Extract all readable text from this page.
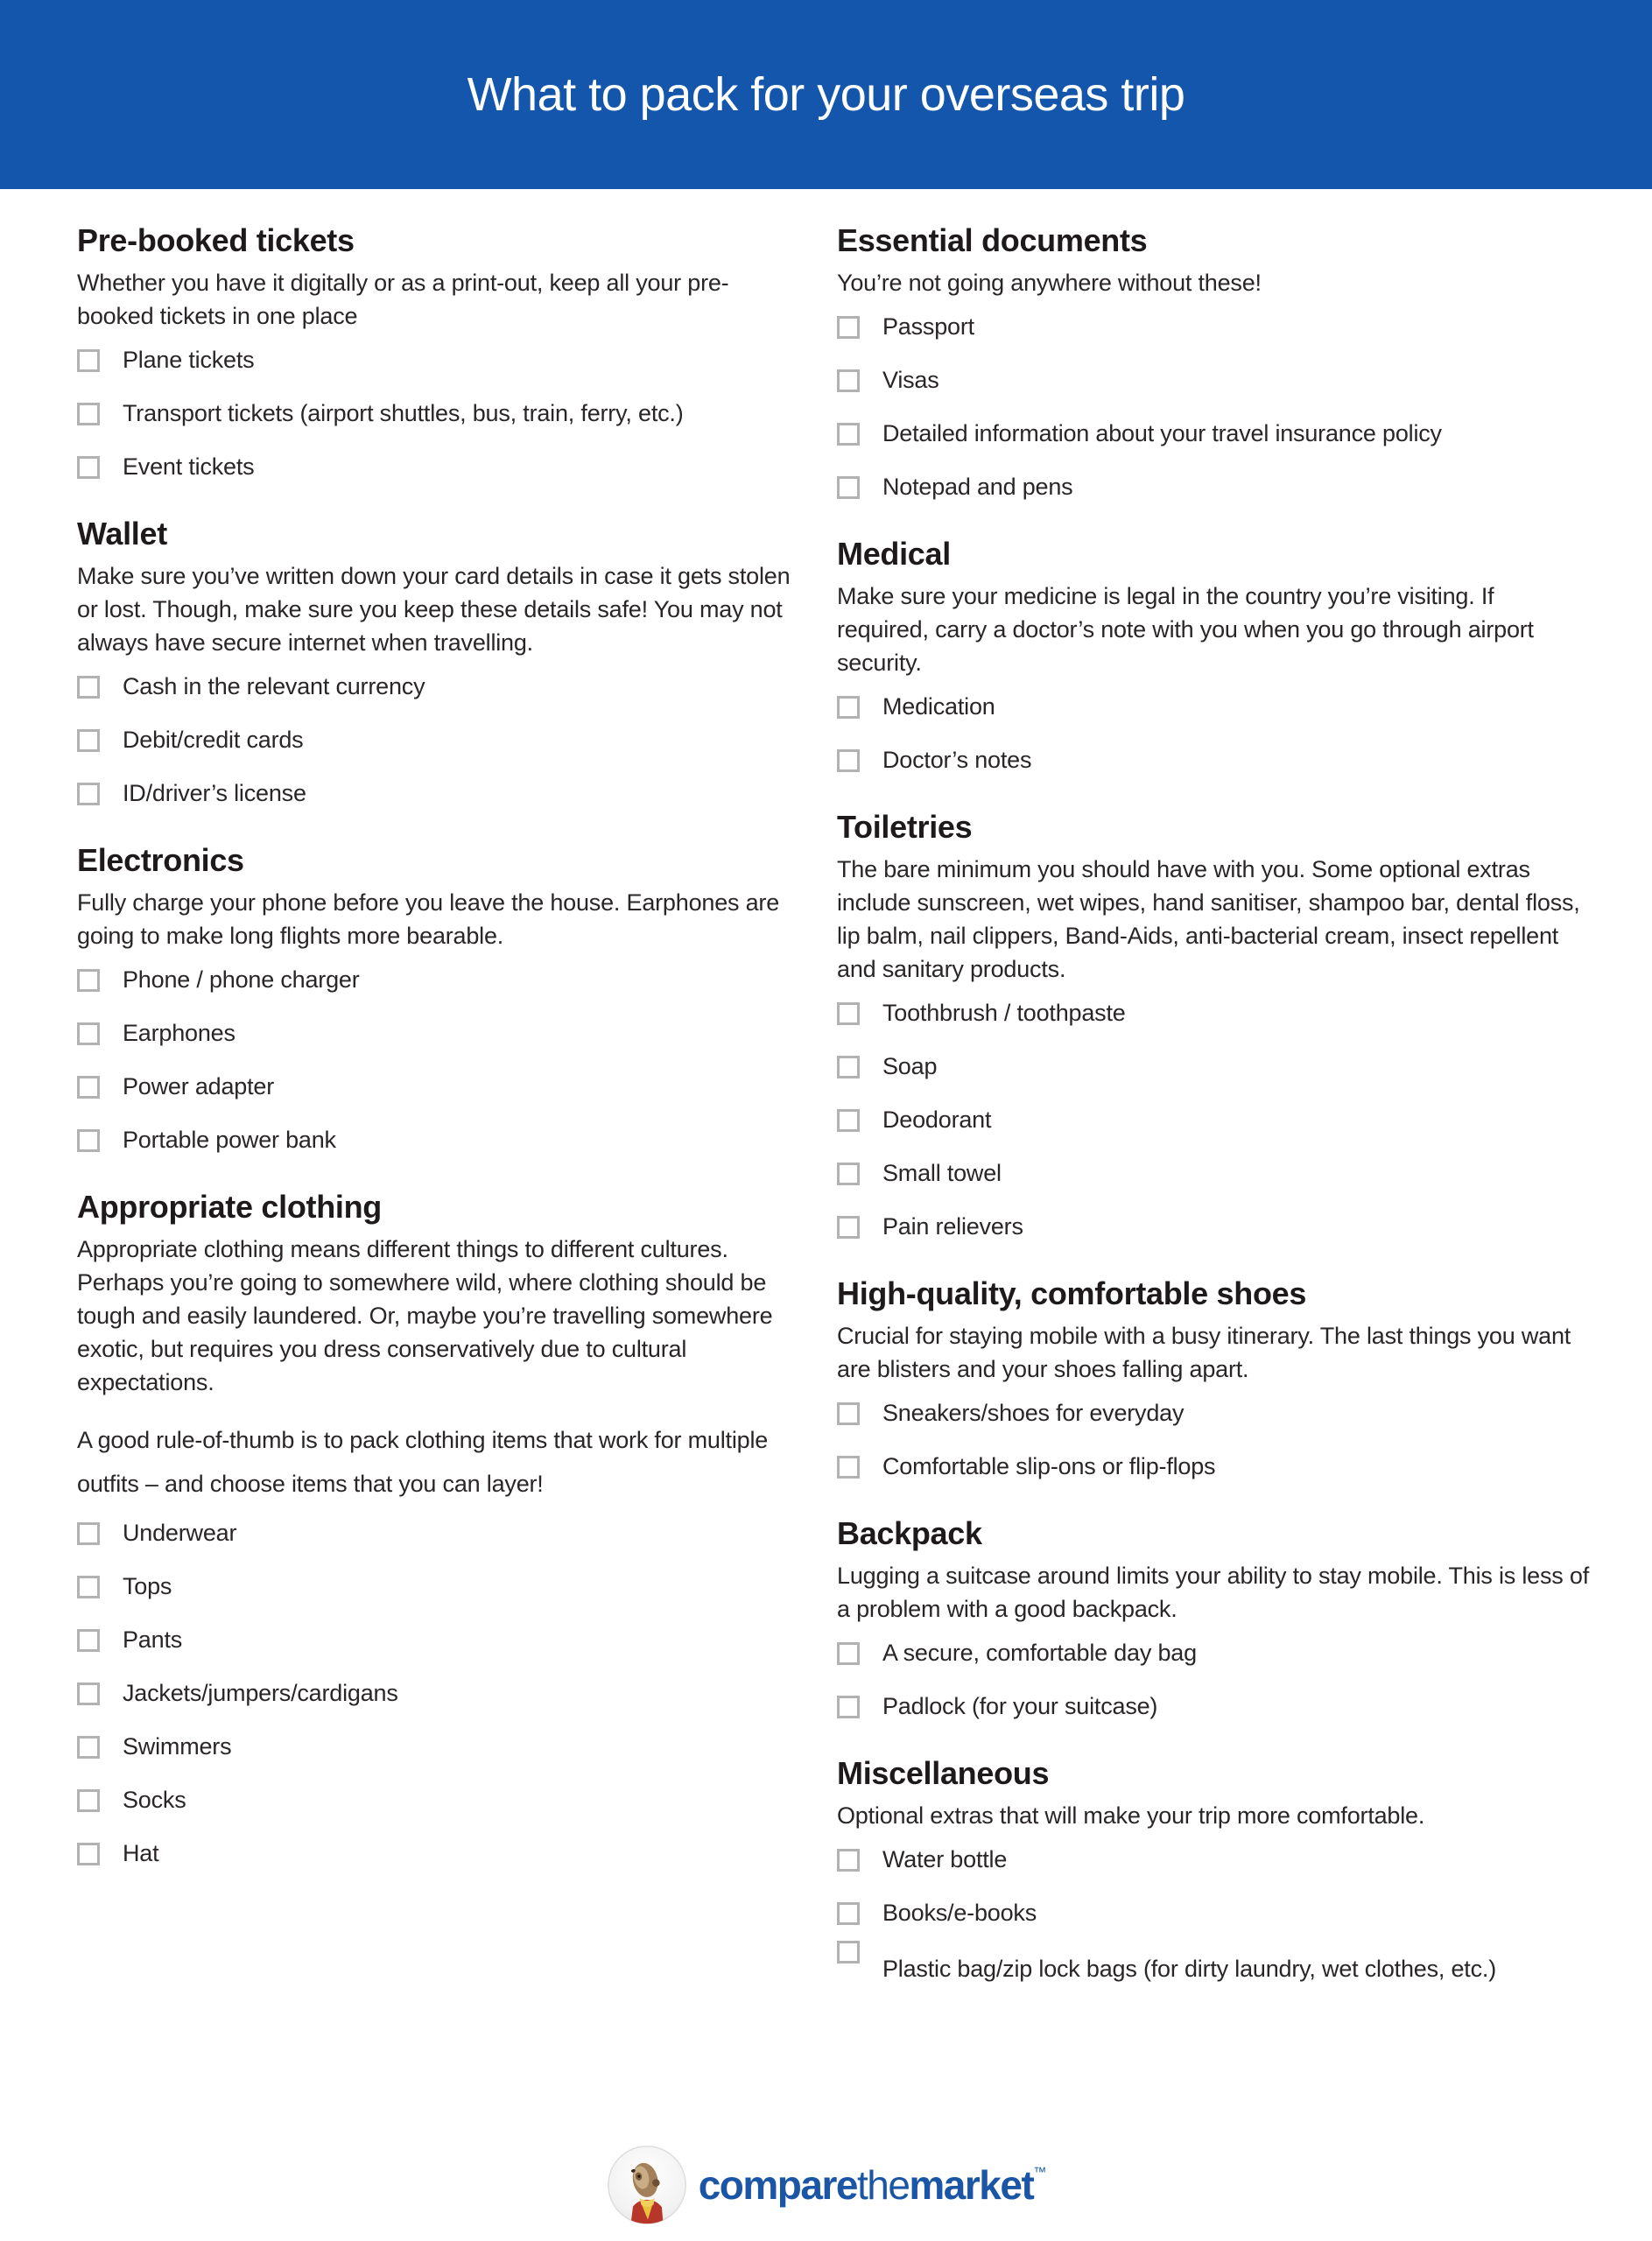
What to pack for your overseas trip
Pre-booked tickets

Whether you have it digitally or as a print-out, keep all your pre-booked tickets in one place

Plane tickets
Transport tickets (airport shuttles, bus, train, ferry, etc.)
Event tickets
Wallet

Make sure you’ve written down your card details in case it gets stolen or lost. Though, make sure you keep these details safe! You may not always have secure internet when travelling.

Cash in the relevant currency
Debit/credit cards
ID/driver’s license
Electronics

Fully charge your phone before you leave the house. Earphones are going to make long flights more bearable.

Phone / phone charger
Earphones
Power adapter
Portable power bank
Appropriate clothing

Appropriate clothing means different things to different cultures. Perhaps you’re going to somewhere wild, where clothing should be tough and easily laundered. Or, maybe you’re travelling somewhere exotic, but requires you dress conservatively due to cultural expectations.

A good rule-of-thumb is to pack clothing items that work for multiple outfits – and choose items that you can layer!

Underwear
Tops
Pants
Jackets/jumpers/cardigans
Swimmers
Socks
Hat
Essential documents

You’re not going anywhere without these!

Passport
Visas
Detailed information about your travel insurance policy
Notepad and pens
Medical

Make sure your medicine is legal in the country you’re visiting. If required, carry a doctor’s note with you when you go through airport security.

Medication
Doctor’s notes
Toiletries

The bare minimum you should have with you. Some optional extras include sunscreen, wet wipes, hand sanitiser, shampoo bar, dental floss, lip balm, nail clippers, Band-Aids, anti-bacterial cream, insect repellent and sanitary products.

Toothbrush / toothpaste
Soap
Deodorant
Small towel
Pain relievers
High-quality, comfortable shoes

Crucial for staying mobile with a busy itinerary. The last things you want are blisters and your shoes falling apart.

Sneakers/shoes for everyday
Comfortable slip-ons or flip-flops
Backpack

Lugging a suitcase around limits your ability to stay mobile. This is less of a problem with a good backpack.

A secure, comfortable day bag
Padlock (for your suitcase)
Miscellaneous

Optional extras that will make your trip more comfortable.

Water bottle
Books/e-books
Plastic bag/zip lock bags (for dirty laundry, wet clothes, etc.)
comparethemarket™
